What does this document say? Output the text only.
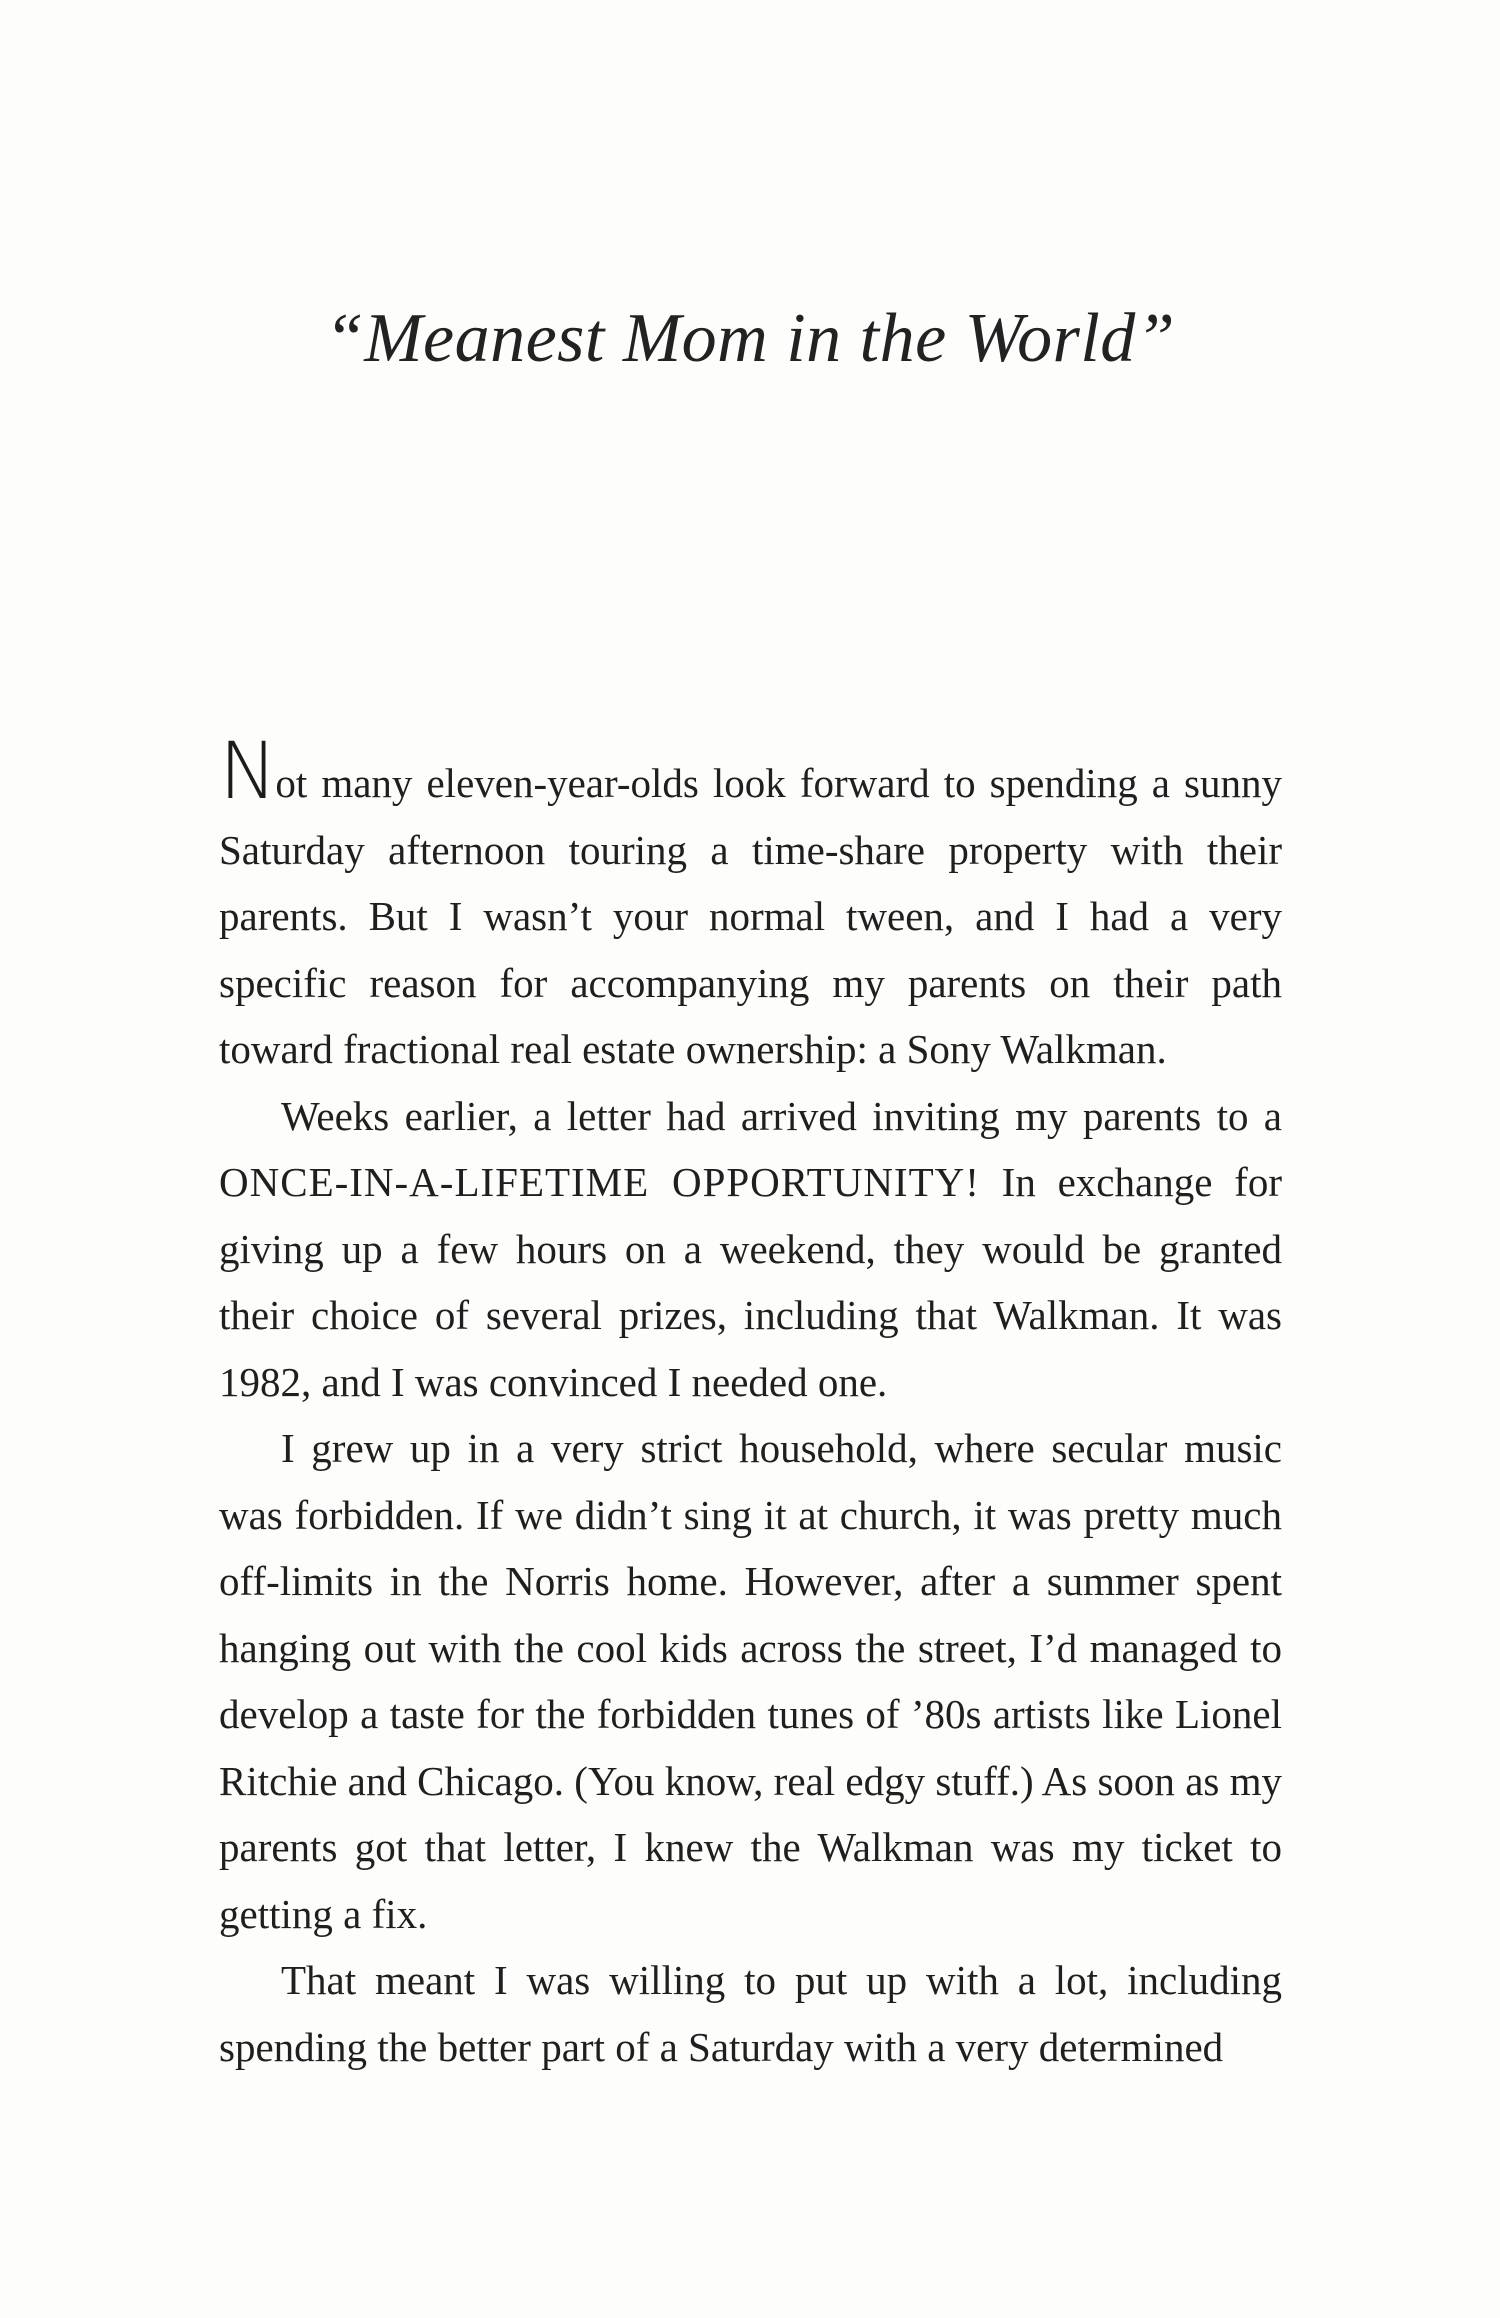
“Meanest Mom in the World”

Not many eleven-year-olds look forward to spending a sunny Saturday afternoon touring a time-share property with their parents. But I wasn’t your normal tween, and I had a very specific reason for accompanying my parents on their path toward fractional real estate ownership: a Sony Walkman.

Weeks earlier, a letter had arrived inviting my parents to a ONCE-IN-A-LIFETIME OPPORTUNITY! In exchange for giving up a few hours on a weekend, they would be granted their choice of several prizes, including that Walkman. It was 1982, and I was convinced I needed one.

I grew up in a very strict household, where secular music was forbidden. If we didn’t sing it at church, it was pretty much off-limits in the Norris home. However, after a summer spent hanging out with the cool kids across the street, I’d managed to develop a taste for the forbidden tunes of ’80s artists like Lionel Ritchie and Chicago. (You know, real edgy stuff.) As soon as my parents got that letter, I knew the Walkman was my ticket to getting a fix.

That meant I was willing to put up with a lot, including spending the better part of a Saturday with a very determined
